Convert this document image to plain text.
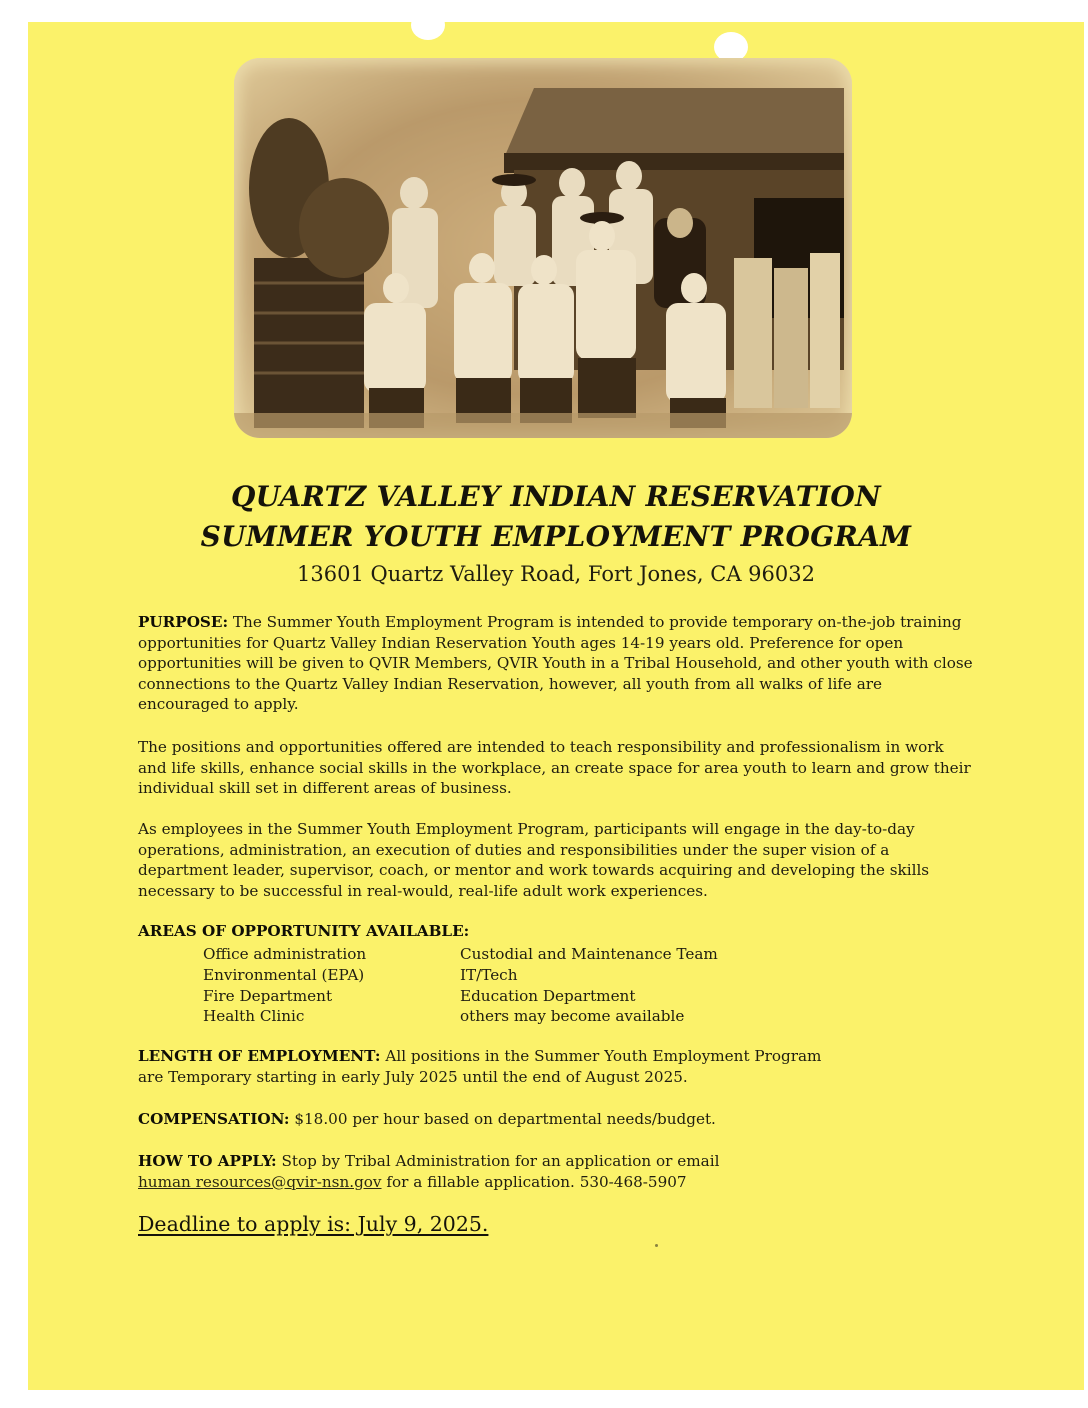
QUARTZ VALLEY INDIAN RESERVATION
SUMMER YOUTH EMPLOYMENT PROGRAM
13601 Quartz Valley Road, Fort Jones, CA 96032
PURPOSE: The Summer Youth Employment Program is intended to provide temporary on-the-job training opportunities for Quartz Valley Indian Reservation Youth ages 14-19 years old. Preference for open opportunities will be given to QVIR Members, QVIR Youth in a Tribal Household, and other youth with close connections to the Quartz Valley Indian Reservation, however, all youth from all walks of life are encouraged to apply.
The positions and opportunities offered are intended to teach responsibility and professionalism in work and life skills, enhance social skills in the workplace, an create space for area youth to learn and grow their individual skill set in different areas of business.
As employees in the Summer Youth Employment Program, participants will engage in the day-to-day operations, administration, an execution of duties and responsibilities under the super vision of a department leader, supervisor, coach, or mentor and work towards acquiring and developing the skills necessary to be successful in real-would, real-life adult work experiences.
AREAS OF OPPORTUNITY AVAILABLE:
Office administration
Environmental (EPA)
Fire Department
Health Clinic
Custodial and Maintenance Team
IT/Tech
Education Department
others may become available
LENGTH OF EMPLOYMENT: All positions in the Summer Youth Employment Program
are Temporary starting in early July 2025 until the end of August 2025.
COMPENSATION: $18.00 per hour based on departmental needs/budget.
HOW TO APPLY: Stop by Tribal Administration for an application or email
human resources@qvir-nsn.gov for a fillable application. 530-468-5907
Deadline to apply is: July 9, 2025.
